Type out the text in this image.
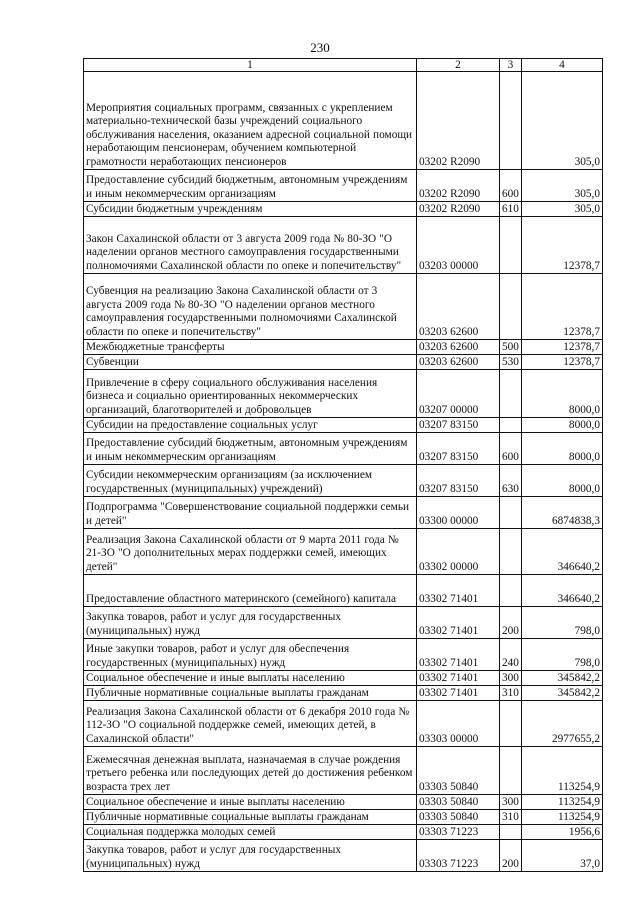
230
1	2	3	4
Мероприятия социальных программ, связанных с укреплением материально-технической базы учреждений социального обслуживания населения, оказанием адресной социальной помощи неработающим пенсионерам, обучением компьютерной грамотности неработающих пенсионеров	03202 R2090		305,0
Предоставление субсидий бюджетным, автономным учреждениям и иным некоммерческим организациям	03202 R2090	600	305,0
Субсидии бюджетным учреждениям	03202 R2090	610	305,0
Закон Сахалинской области от 3 августа 2009 года № 80-ЗО "О наделении органов местного самоуправления государственными полномочиями Сахалинской области по опеке и попечительству"	03203 00000		12378,7
Субвенция на реализацию Закона Сахалинской области от 3 августа 2009 года № 80-ЗО "О наделении органов местного самоуправления государственными полномочиями Сахалинской области по опеке и попечительству"	03203 62600		12378,7
Межбюджетные трансферты	03203 62600	500	12378,7
Субвенции	03203 62600	530	12378,7
Привлечение в сферу социального обслуживания населения бизнеса и социально ориентированных некоммерческих организаций, благотворителей и добровольцев	03207 00000		8000,0
Субсидии на предоставление социальных услуг	03207 83150		8000,0
Предоставление субсидий бюджетным, автономным учреждениям и иным некоммерческим организациям	03207 83150	600	8000,0
Субсидии некоммерческим организациям (за исключением государственных (муниципальных) учреждений)	03207 83150	630	8000,0
Подпрограмма "Совершенствование социальной поддержки семьи и детей"	03300 00000		6874838,3
Реализация Закона Сахалинской области от 9 марта 2011 года № 21-ЗО "О дополнительных мерах поддержки семей, имеющих детей"	03302 00000		346640,2
Предоставление областного материнского (семейного) капитала	03302 71401		346640,2
Закупка товаров, работ и услуг для государственных (муниципальных) нужд	03302 71401	200	798,0
Иные закупки товаров, работ и услуг для обеспечения государственных (муниципальных) нужд	03302 71401	240	798,0
Социальное обеспечение и иные выплаты населению	03302 71401	300	345842,2
Публичные нормативные социальные выплаты гражданам	03302 71401	310	345842,2
Реализация Закона Сахалинской области от 6 декабря 2010 года № 112-ЗО "О социальной поддержке семей, имеющих детей, в Сахалинской области"	03303 00000		2977655,2
Ежемесячная денежная выплата, назначаемая в случае рождения третьего ребенка или последующих детей до достижения ребенком возраста трех лет	03303 50840		113254,9
Социальное обеспечение и иные выплаты населению	03303 50840	300	113254,9
Публичные нормативные социальные выплаты гражданам	03303 50840	310	113254,9
Социальная поддержка молодых семей	03303 71223		1956,6
Закупка товаров, работ и услуг для государственных (муниципальных) нужд	03303 71223	200	37,0
